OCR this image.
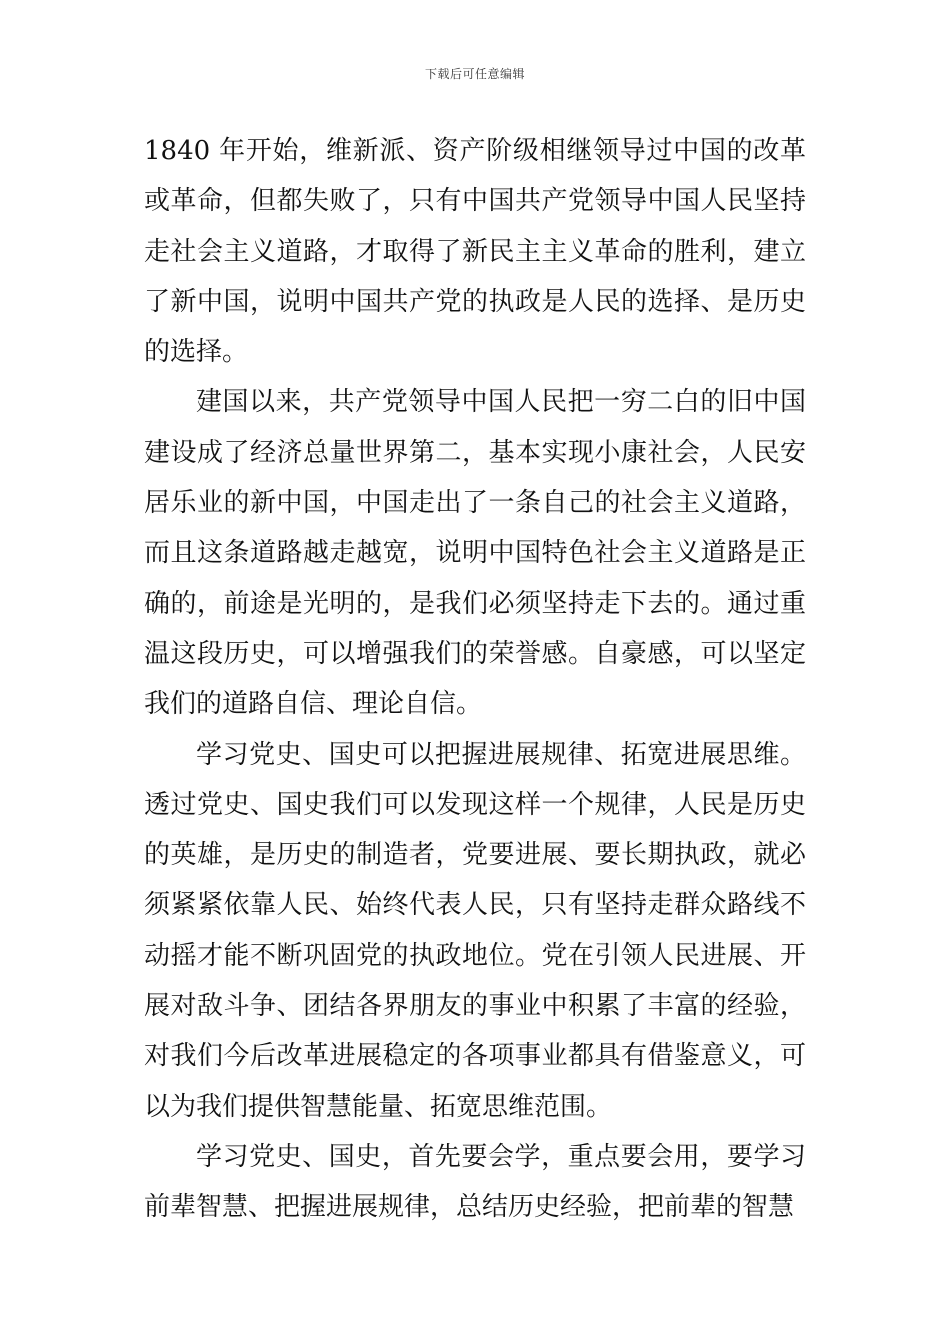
下载后可任意编辑

1840 年开始，维新派、资产阶级相继领导过中国的改革或革命，但都失败了，只有中国共产党领导中国人民坚持走社会主义道路，才取得了新民主主义革命的胜利，建立了新中国，说明中国共产党的执政是人民的选择、是历史的选择。

建国以来，共产党领导中国人民把一穷二白的旧中国建设成了经济总量世界第二，基本实现小康社会，人民安居乐业的新中国，中国走出了一条自己的社会主义道路，而且这条道路越走越宽，说明中国特色社会主义道路是正确的，前途是光明的，是我们必须坚持走下去的。通过重温这段历史，可以增强我们的荣誉感。自豪感，可以坚定我们的道路自信、理论自信。

学习党史、国史可以把握进展规律、拓宽进展思维。透过党史、国史我们可以发现这样一个规律，人民是历史的英雄，是历史的制造者，党要进展、要长期执政，就必须紧紧依靠人民、始终代表人民，只有坚持走群众路线不动摇才能不断巩固党的执政地位。党在引领人民进展、开展对敌斗争、团结各界朋友的事业中积累了丰富的经验，对我们今后改革进展稳定的各项事业都具有借鉴意义，可以为我们提供智慧能量、拓宽思维范围。

学习党史、国史，首先要会学，重点要会用，要学习前辈智慧、把握进展规律，总结历史经验，把前辈的智慧
